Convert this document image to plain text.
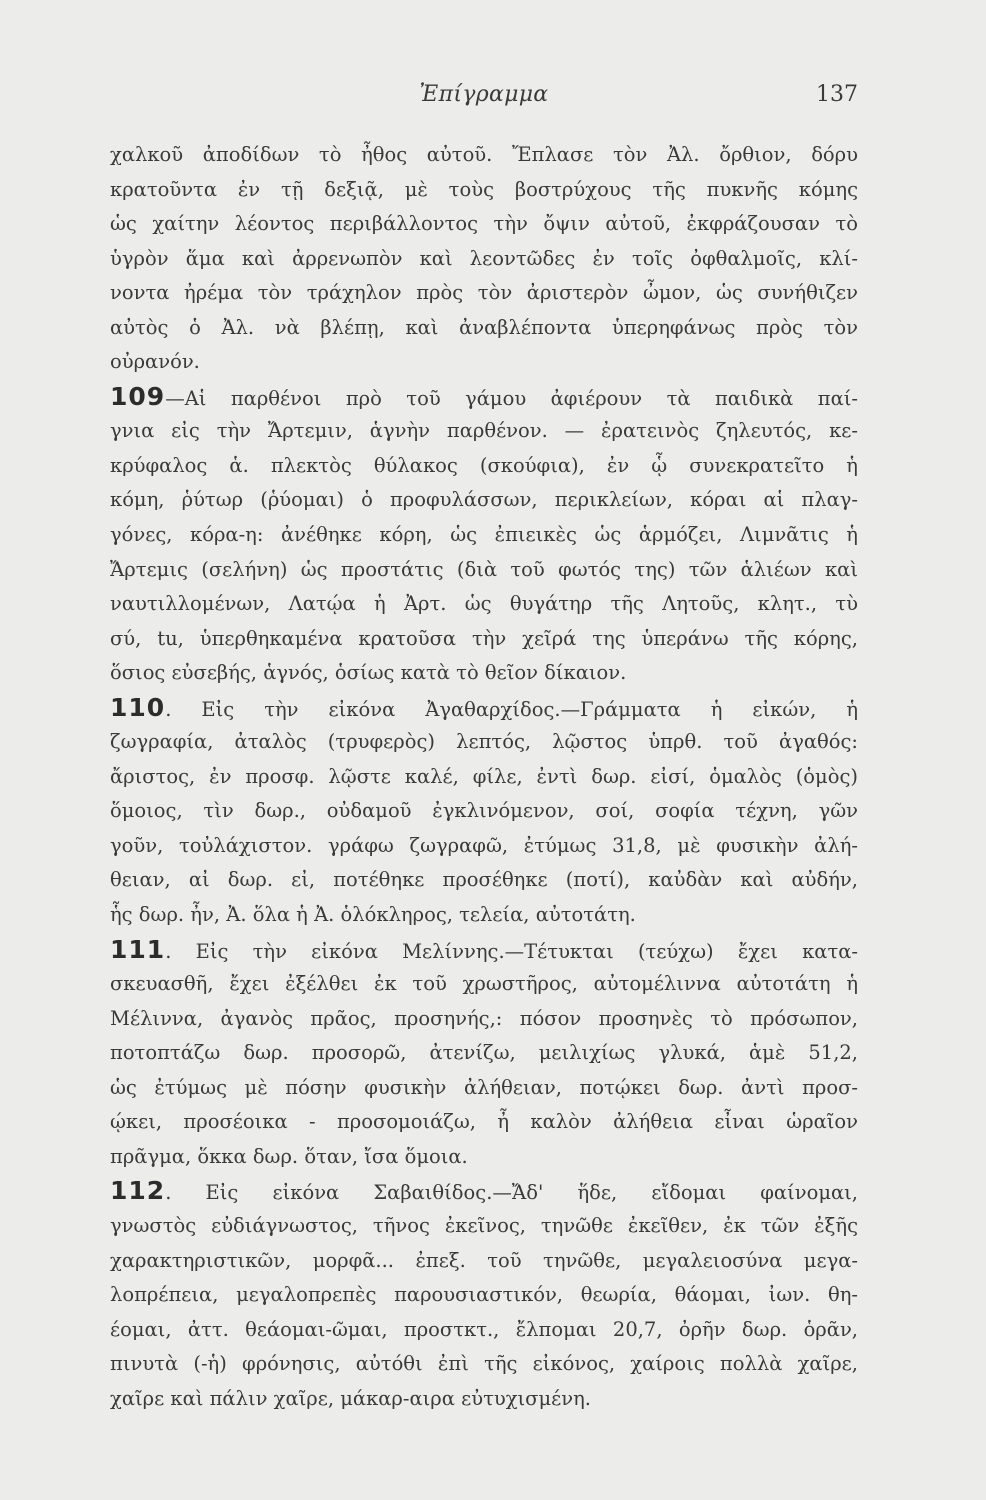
Ἐπίγραμμα	137
χαλκοῦ ἀποδίδων τὸ ἦθος αὐτοῦ. Ἔπλασε τὸν Ἀλ. ὄρθιον, δόρυ
κρατοῦντα ἐν τῇ δεξιᾷ, μὲ τοὺς βοστρύχους τῆς πυκνῆς κόμης
ὡς χαίτην λέοντος περιβάλλοντος τὴν ὄψιν αὐτοῦ, ἐκφράζουσαν τὸ
ὑγρὸν ἅμα καὶ ἀρρενωπὸν καὶ λεοντῶδες ἐν τοῖς ὀφθαλμοῖς, κλί-
νοντα ἠρέμα τὸν τράχηλον πρὸς τὸν ἀριστερὸν ὦμον, ὡς συνήθιζεν
αὐτὸς ὁ Ἀλ. νὰ βλέπῃ, καὶ ἀναβλέποντα ὑπερηφάνως πρὸς τὸν
οὐρανόν.
109—Αἱ παρθένοι πρὸ τοῦ γάμου ἀφιέρουν τὰ παιδικὰ παί-
γνια εἰς τὴν Ἄρτεμιν, ἁγνὴν παρθένον. — ἐρατεινὸς ζηλευτός, κε-
κρύφαλος ἁ. πλεκτὸς θύλακος (σκούφια), ἐν ᾧ συνεκρατεῖτο ἡ
κόμη, ῥύτωρ (ῥύομαι) ὁ προφυλάσσων, περικλείων, κόραι αἱ πλαγ-
γόνες, κόρα-η: ἀνέθηκε κόρη, ὡς ἐπιεικὲς ὡς ἁρμόζει, Λιμνᾶτις ἡ
Ἄρτεμις (σελήνη) ὡς προστάτις (διὰ τοῦ φωτός της) τῶν ἁλιέων καὶ
ναυτιλλομένων, Λατῴα ἡ Ἀρτ. ὡς θυγάτηρ τῆς Λητοῦς, κλητ., τὺ
σύ, tu, ὑπερθηκαμένα κρατοῦσα τὴν χεῖρά της ὑπεράνω τῆς κόρης,
ὅσιος εὐσεβής, ἁγνός, ὁσίως κατὰ τὸ θεῖον δίκαιον.
110. Εἰς τὴν εἰκόνα Ἀγαθαρχίδος.—Γράμματα ἡ εἰκών, ἡ
ζωγραφία, ἀταλὸς (τρυφερὸς) λεπτός, λῷστος ὑπρθ. τοῦ ἀγαθός:
ἄριστος, ἐν προσφ. λῷστε καλέ, φίλε, ἐντὶ δωρ. εἰσί, ὁμαλὸς (ὁμὸς)
ὅμοιος, τὶν δωρ., οὐδαμοῦ ἐγκλινόμενον, σοί, σοφία τέχνη, γῶν
γοῦν, τοὐλάχιστον. γράφω ζωγραφῶ, ἐτύμως 31,8, μὲ φυσικὴν ἀλή-
θειαν, αἰ δωρ. εἰ, ποτέθηκε προσέθηκε (ποτί), καὐδὰν καὶ αὐδήν,
ἧς δωρ. ἦν, Ἀ. ὅλα ἡ Ἀ. ὁλόκληρος, τελεία, αὐτοτάτη.
111. Εἰς τὴν εἰκόνα Μελίννης.—Τέτυκται (τεύχω) ἔχει κατα-
σκευασθῆ, ἔχει ἐξέλθει ἐκ τοῦ χρωστῆρος, αὐτομέλιννα αὐτοτάτη ἡ
Μέλιννα, ἀγανὸς πρᾶος, προσηνής,: πόσον προσηνὲς τὸ πρόσωπον,
ποτοπτάζω δωρ. προσορῶ, ἀτενίζω, μειλιχίως γλυκά, ἁμὲ 51,2,
ὡς ἐτύμως μὲ πόσην φυσικὴν ἀλήθειαν, ποτῴκει δωρ. ἀντὶ προσ-
ῴκει, προσέοικα - προσομοιάζω, ἦ καλὸν ἀλήθεια εἶναι ὡραῖον
πρᾶγμα, ὅκκα δωρ. ὅταν, ἴσα ὅμοια.
112. Εἰς εἰκόνα Σαβαιθίδος.—Ἄδ' ἥδε, εἴδομαι φαίνομαι,
γνωστὸς εὐδιάγνωστος, τῆνος ἐκεῖνος, τηνῶθε ἐκεῖθεν, ἐκ τῶν ἐξῆς
χαρακτηριστικῶν, μορφᾶ... ἐπεξ. τοῦ τηνῶθε, μεγαλειοσύνα μεγα-
λοπρέπεια, μεγαλοπρεπὲς παρουσιαστικόν, θεωρία, θάομαι, ἰων. θη-
έομαι, ἀττ. θεάομαι-ῶμαι, προστκτ., ἔλπομαι 20,7, ὀρῆν δωρ. ὁρᾶν,
πινυτὰ (-ἡ) φρόνησις, αὐτόθι ἐπὶ τῆς εἰκόνος, χαίροις πολλὰ χαῖρε,
χαῖρε καὶ πάλιν χαῖρε, μάκαρ-αιρα εὐτυχισμένη.
